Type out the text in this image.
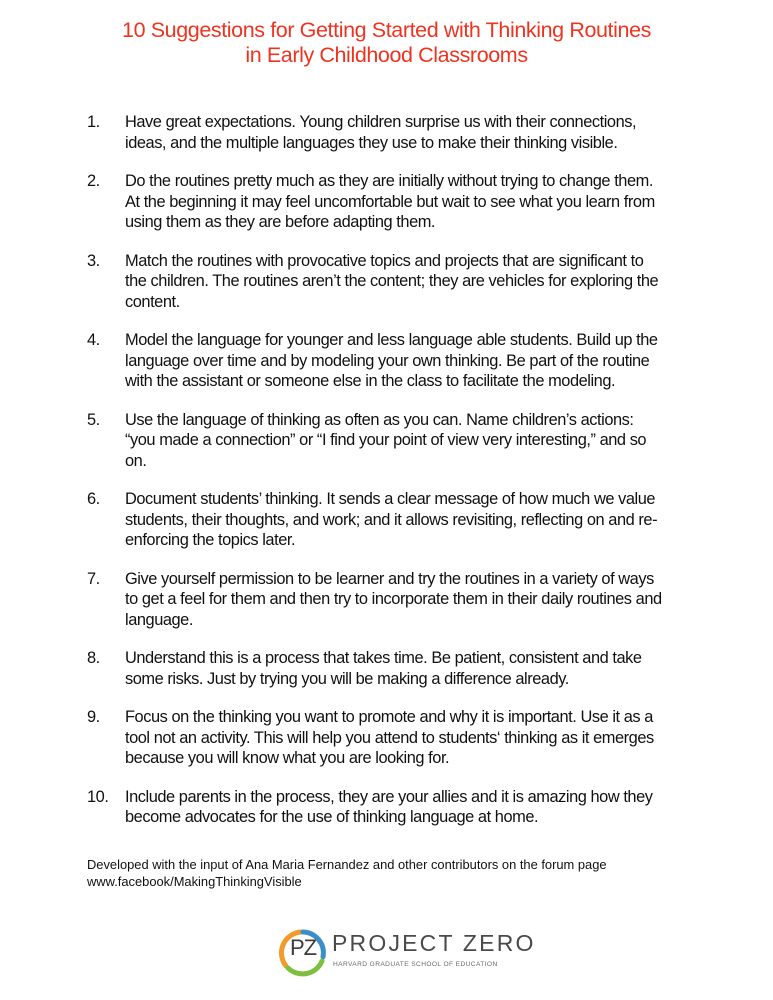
10 Suggestions for Getting Started with Thinking Routines
in Early Childhood Classrooms
1. Have great expectations. Young children surprise us with their connections,
ideas, and the multiple languages they use to make their thinking visible.
2. Do the routines pretty much as they are initially without trying to change them.
At the beginning it may feel uncomfortable but wait to see what you learn from
using them as they are before adapting them.
3. Match the routines with provocative topics and projects that are significant to
the children. The routines aren’t the content; they are vehicles for exploring the
content.
4. Model the language for younger and less language able students. Build up the
language over time and by modeling your own thinking. Be part of the routine
with the assistant or someone else in the class to facilitate the modeling.
5. Use the language of thinking as often as you can. Name children’s actions:
“you made a connection” or “I find your point of view very interesting,” and so
on.
6. Document students’ thinking. It sends a clear message of how much we value
students, their thoughts, and work; and it allows revisiting, reflecting on and re-
enforcing the topics later.
7. Give yourself permission to be learner and try the routines in a variety of ways
to get a feel for them and then try to incorporate them in their daily routines and
language.
8. Understand this is a process that takes time. Be patient, consistent and take
some risks. Just by trying you will be making a difference already.
9. Focus on the thinking you want to promote and why it is important. Use it as a
tool not an activity. This will help you attend to students‘ thinking as it emerges
because you will know what you are looking for.
10. Include parents in the process, they are your allies and it is amazing how they
become advocates for the use of thinking language at home.
Developed with the input of Ana Maria Fernandez and other contributors on the forum page
www.facebook/MakingThinkingVisible
PZ PROJECT ZERO
HARVARD GRADUATE SCHOOL OF EDUCATION
